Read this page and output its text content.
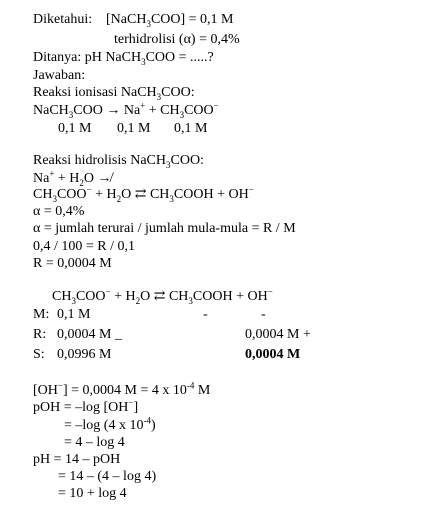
Diketahui: [NaCH$_3$COO] = 0,1 M
terhidrolisi (α) = 0,4%
Ditanya: pH NaCH$_3$COO = .....?
Jawaban:
Reaksi ionisasi NaCH$_3$COO:
NaCH$_3$COO → $Na^+ + CH_3COO^-$
0,1 M 0,1 M 0,1 M
Reaksi hidrolisis NaCH$_3$COO:
$Na^+ + H_2O$ ↛
$CH_3COO^- + H_2O$ ⇄ $CH_3COOH + OH^-$
α = 0,4%
α = jumlah terurai / jumlah mula-mula = R / M
0,4 / 100 = R / 0,1
R = 0,0004 M
$CH_3COO^- + H_2O$ ⇄ $CH_3COOH + OH^-$
M: 0,1 M	-	-
R: 0,0004 M _	0,0004 M +
S: 0,0996 M	0,0004 M
[OH−] = 0,0004 M = 4 x $10^{-4}$ M
pOH = –log [OH−]
= –log (4 x $10^{-4}$)
= 4 – log 4
pH = 14 – pOH
= 14 – (4 – log 4)
= 10 + log 4
